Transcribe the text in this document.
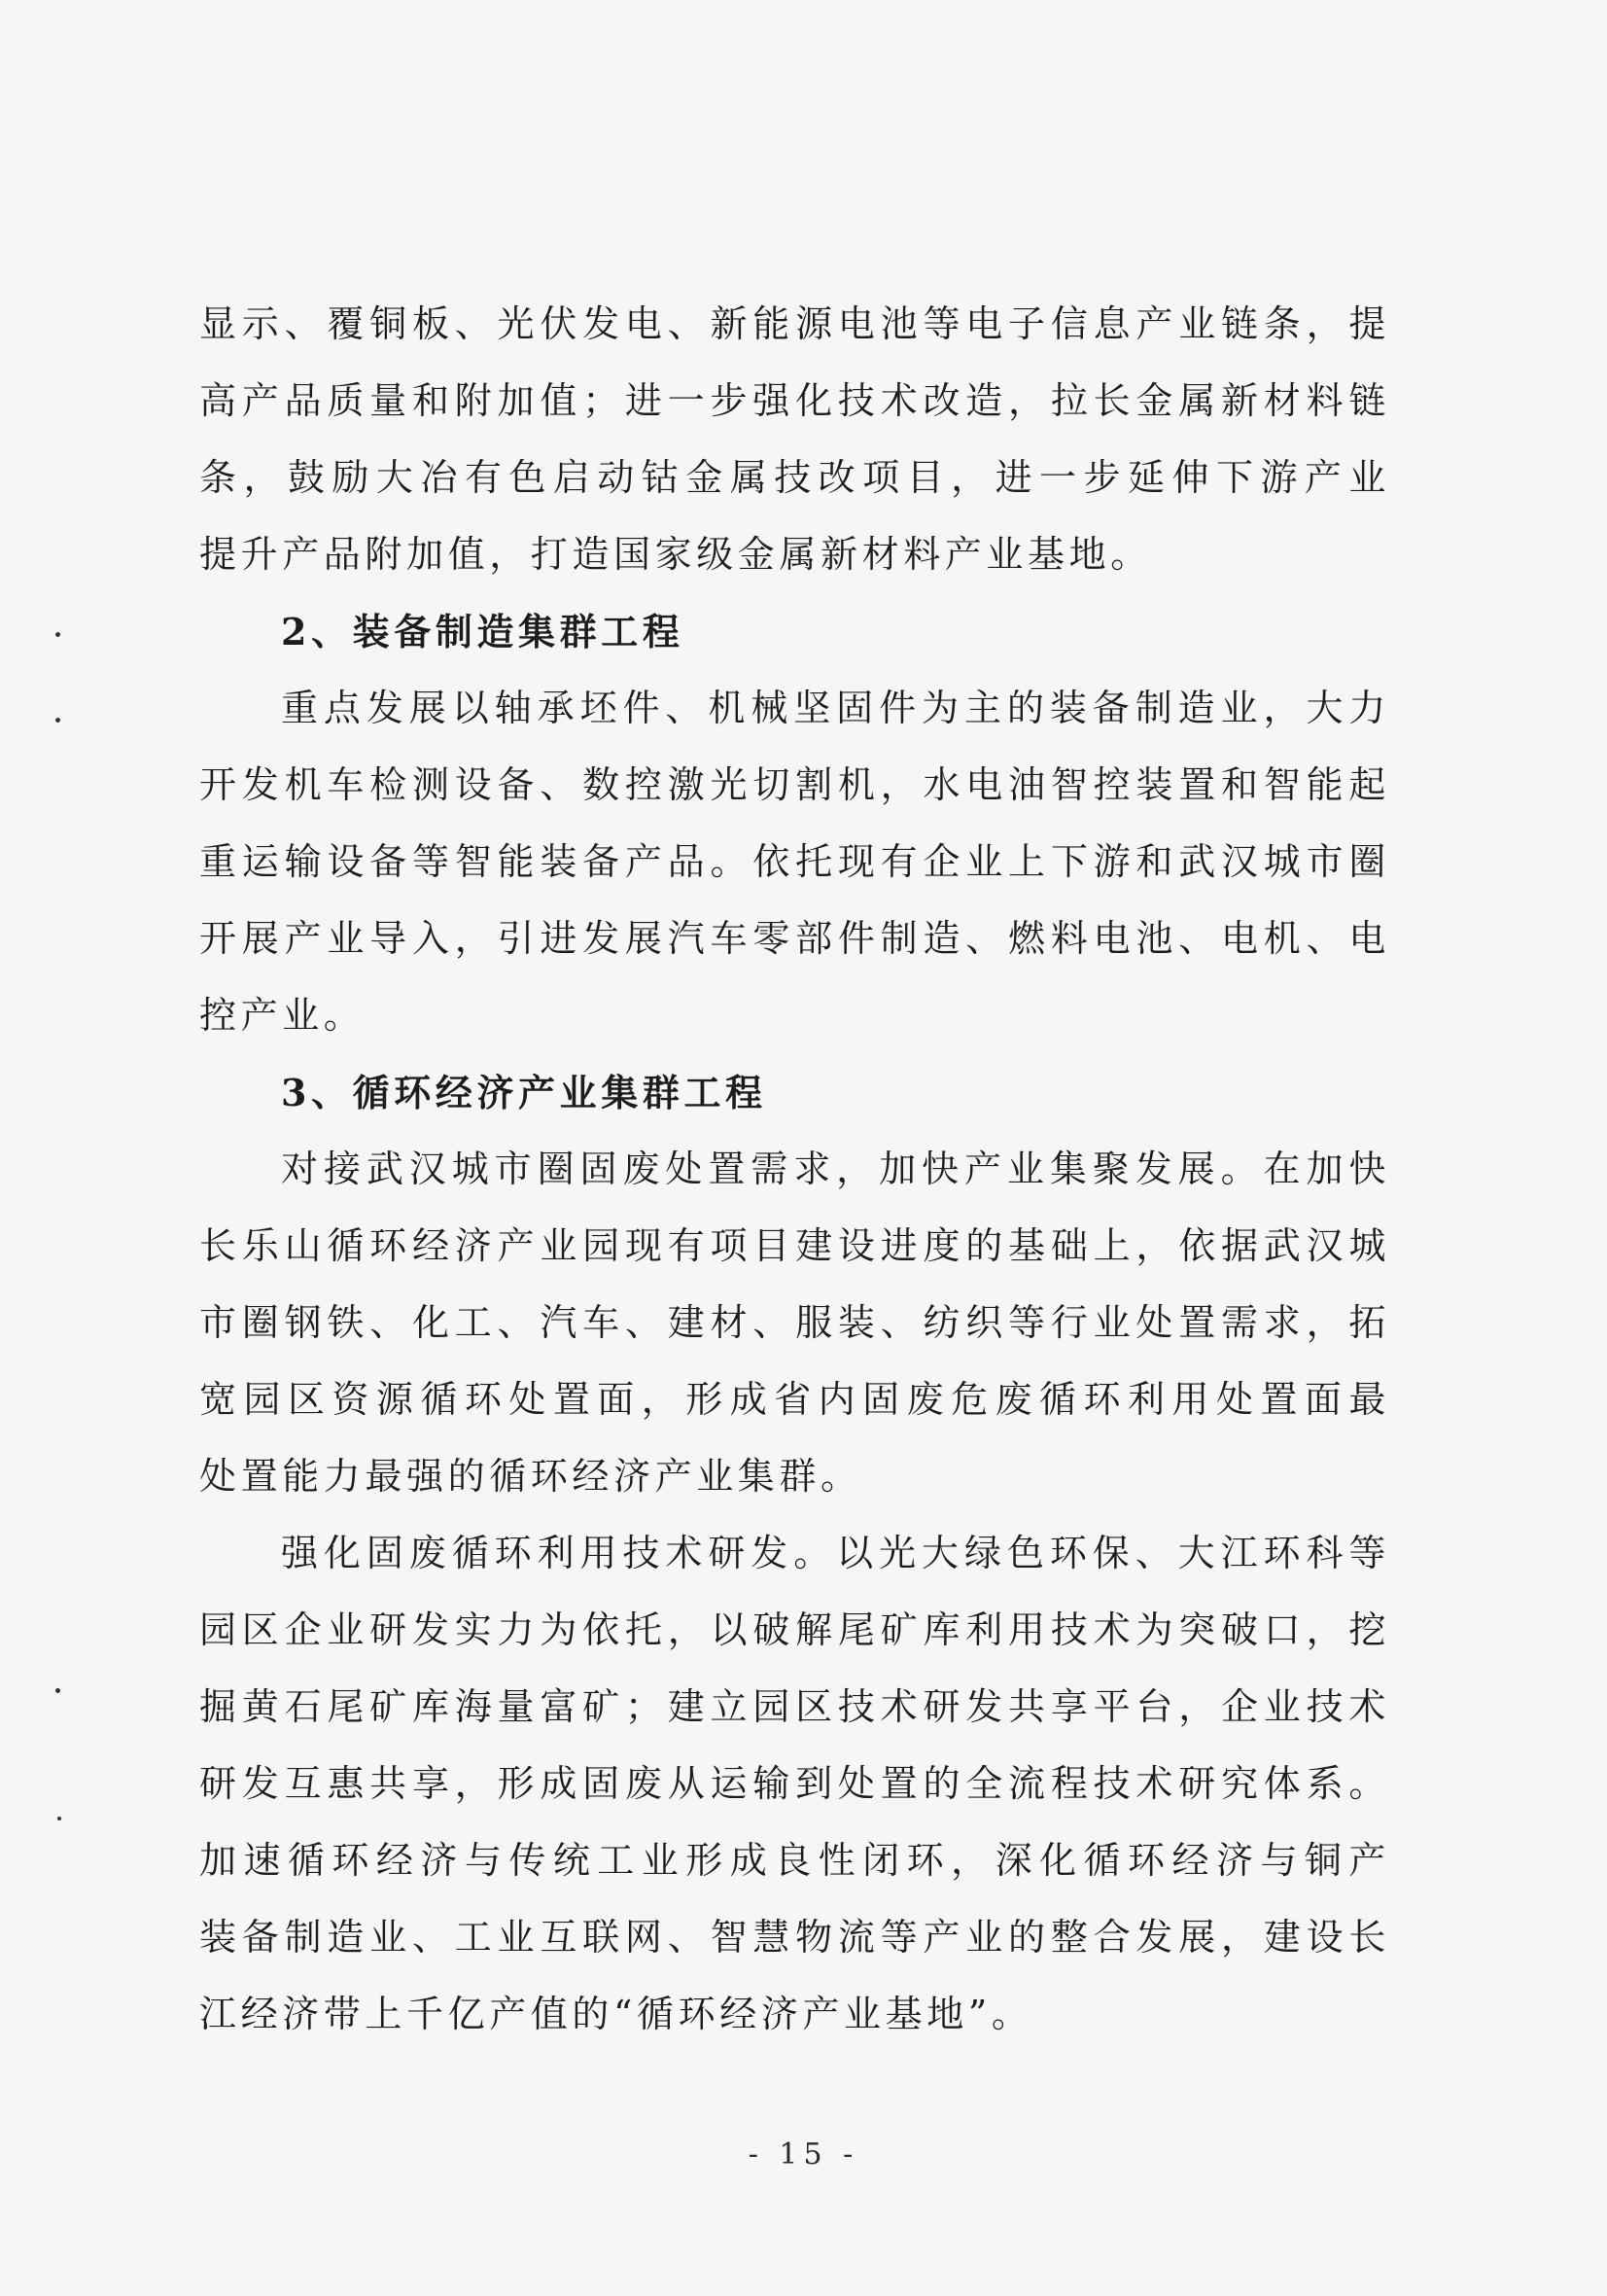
显示、覆铜板、光伏发电、新能源电池等电子信息产业链条，提
高产品质量和附加值；进一步强化技术改造，拉长金属新材料链
条，鼓励大冶有色启动钴金属技改项目，进一步延伸下游产业
提升产品附加值，打造国家级金属新材料产业基地。
2、装备制造集群工程
重点发展以轴承坯件、机械坚固件为主的装备制造业，大力
开发机车检测设备、数控激光切割机，水电油智控装置和智能起
重运输设备等智能装备产品。依托现有企业上下游和武汉城市圈
开展产业导入，引进发展汽车零部件制造、燃料电池、电机、电
控产业。
3、循环经济产业集群工程
对接武汉城市圈固废处置需求，加快产业集聚发展。在加快
长乐山循环经济产业园现有项目建设进度的基础上，依据武汉城
市圈钢铁、化工、汽车、建材、服装、纺织等行业处置需求，拓
宽园区资源循环处置面，形成省内固废危废循环利用处置面最
处置能力最强的循环经济产业集群。
强化固废循环利用技术研发。以光大绿色环保、大江环科等
园区企业研发实力为依托，以破解尾矿库利用技术为突破口，挖
掘黄石尾矿库海量富矿；建立园区技术研发共享平台，企业技术
研发互惠共享，形成固废从运输到处置的全流程技术研究体系。
加速循环经济与传统工业形成良性闭环，深化循环经济与铜产
装备制造业、工业互联网、智慧物流等产业的整合发展，建设长
江经济带上千亿产值的“循环经济产业基地”。
- 15 -
